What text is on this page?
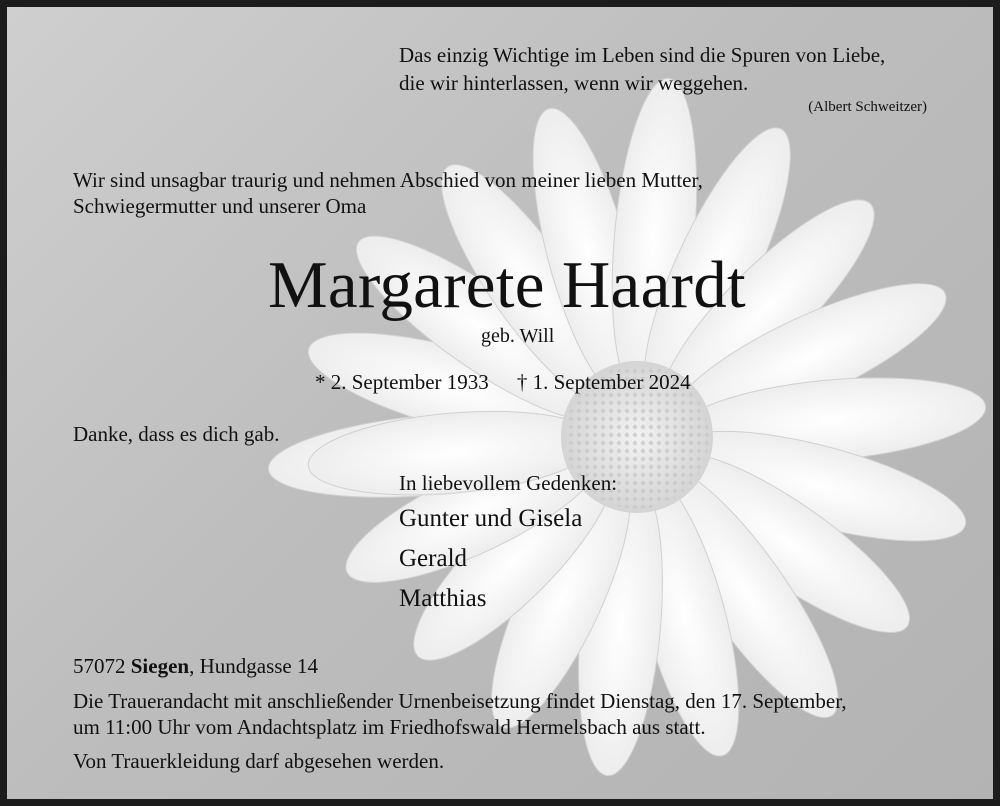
Das einzig Wichtige im Leben sind die Spuren von Liebe,
die wir hinterlassen, wenn wir weggehen.
(Albert Schweitzer)
Wir sind unsagbar traurig und nehmen Abschied von meiner lieben Mutter,
Schwiegermutter und unserer Oma
Margarete Haardt
geb. Will
* 2. September 1933 † 1. September 2024
Danke, dass es dich gab.
In liebevollem Gedenken:
Gunter und Gisela
Gerald
Matthias
57072 Siegen, Hundgasse 14
Die Trauerandacht mit anschließender Urnenbeisetzung findet Dienstag, den 17. September,
um 11:00 Uhr vom Andachtsplatz im Friedhofswald Hermelsbach aus statt.
Von Trauerkleidung darf abgesehen werden.
